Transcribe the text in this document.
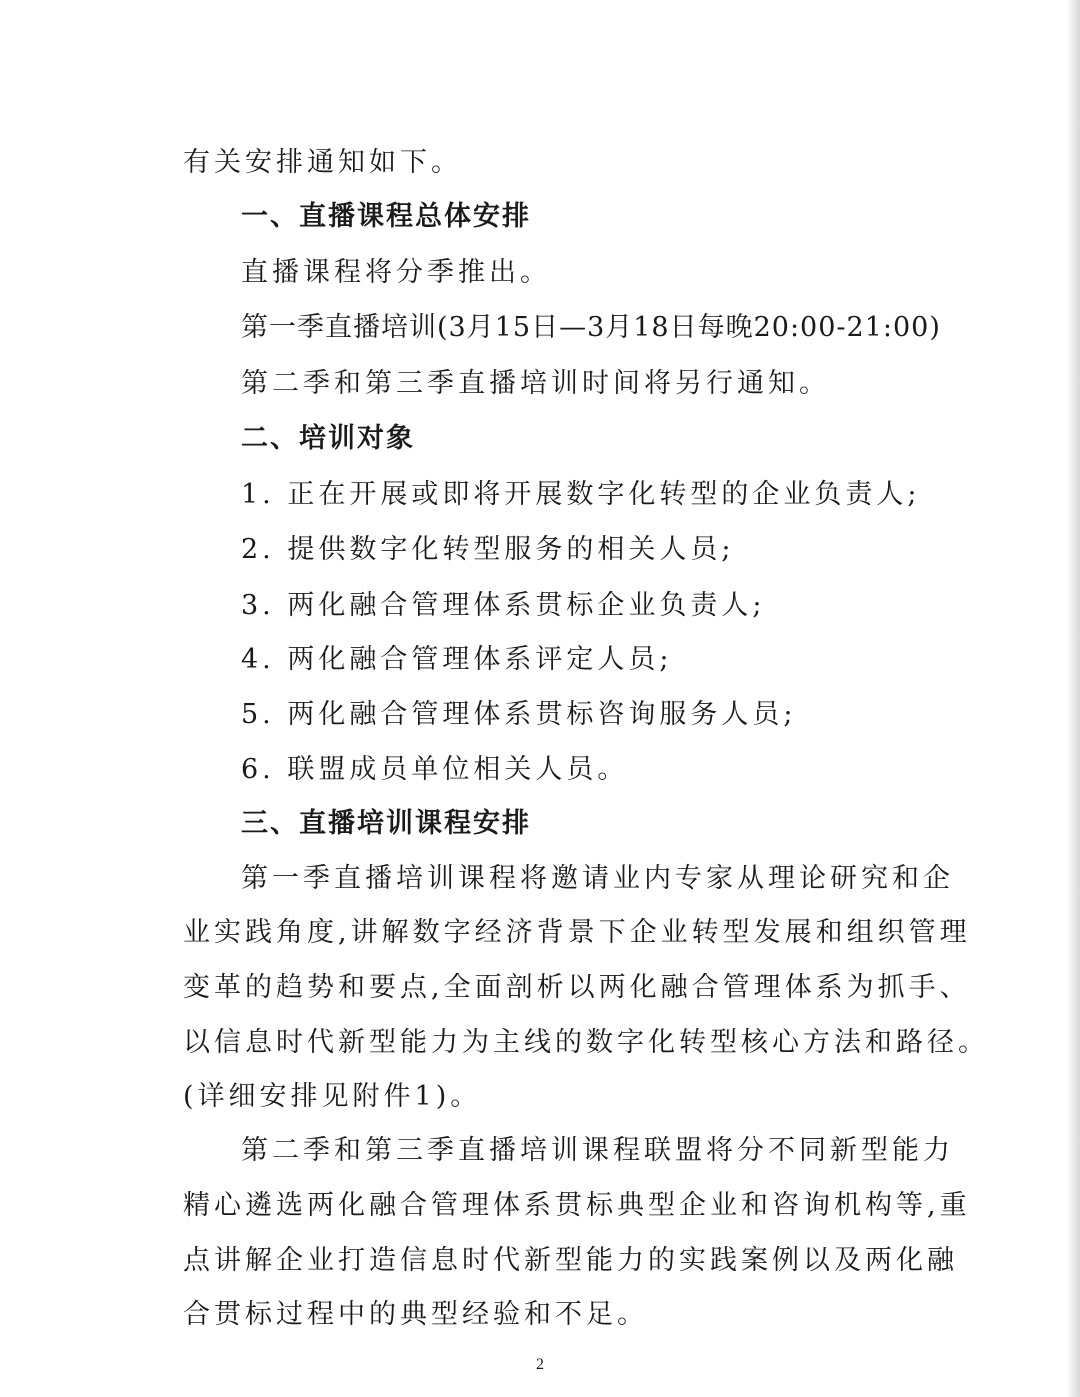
有关安排通知如下。
一、直播课程总体安排
直播课程将分季推出。
第一季直播培训(3月15日—3月18日每晚20:00-21:00)
第二季和第三季直播培训时间将另行通知。
二、培训对象
1. 正在开展或即将开展数字化转型的企业负责人;
2. 提供数字化转型服务的相关人员;
3. 两化融合管理体系贯标企业负责人;
4. 两化融合管理体系评定人员;
5. 两化融合管理体系贯标咨询服务人员;
6. 联盟成员单位相关人员。
三、直播培训课程安排
第一季直播培训课程将邀请业内专家从理论研究和企
业实践角度,讲解数字经济背景下企业转型发展和组织管理
变革的趋势和要点,全面剖析以两化融合管理体系为抓手、
以信息时代新型能力为主线的数字化转型核心方法和路径。
(详细安排见附件1)。
第二季和第三季直播培训课程联盟将分不同新型能力
精心遴选两化融合管理体系贯标典型企业和咨询机构等,重
点讲解企业打造信息时代新型能力的实践案例以及两化融
合贯标过程中的典型经验和不足。
2
